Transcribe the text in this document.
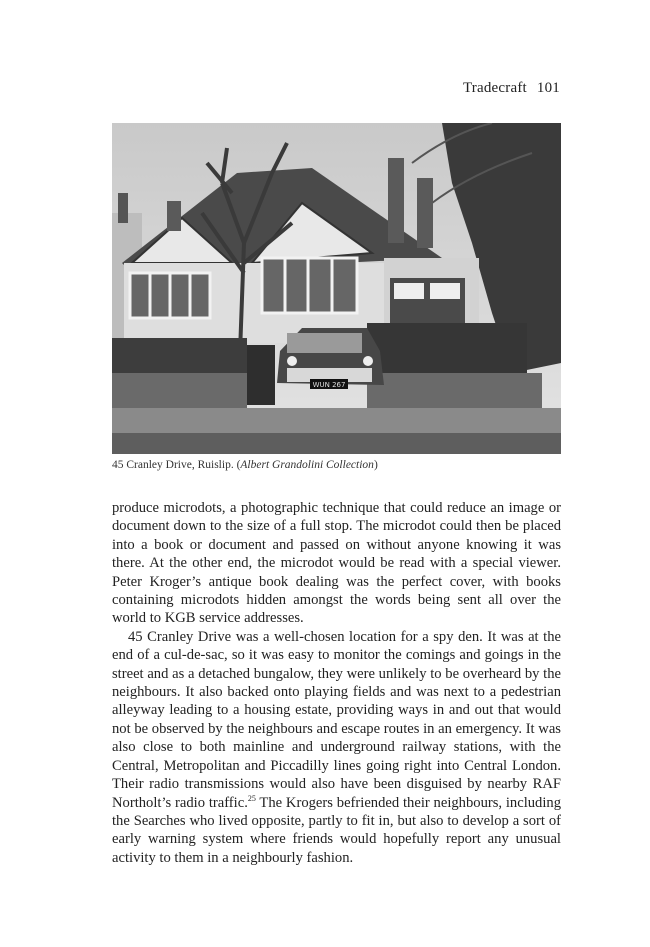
Tradecraft 101
WUN 267
45 Cranley Drive, Ruislip. (Albert Grandolini Collection)

produce microdots, a photographic technique that could reduce an image or document down to the size of a full stop. The microdot could then be placed into a book or document and passed on without anyone knowing it was there. At the other end, the microdot would be read with a special viewer. Peter Kroger’s antique book dealing was the perfect cover, with books containing microdots hidden amongst the words being sent all over the world to KGB service addresses.

45 Cranley Drive was a well-chosen location for a spy den. It was at the end of a cul-de-sac, so it was easy to monitor the comings and goings in the street and as a detached bungalow, they were unlikely to be overheard by the neighbours. It also backed onto playing fields and was next to a pedestrian alleyway leading to a housing estate, providing ways in and out that would not be observed by the neighbours and escape routes in an emergency. It was also close to both mainline and underground railway stations, with the Central, Metropolitan and Piccadilly lines going right into Central London. Their radio transmissions would also have been disguised by nearby RAF Northolt’s radio traffic.$^{25}$ The Krogers befriended their neighbours, including the Searches who lived opposite, partly to fit in, but also to develop a sort of early warning system where friends would hopefully report any unusual activity to them in a neighbourly fashion.
